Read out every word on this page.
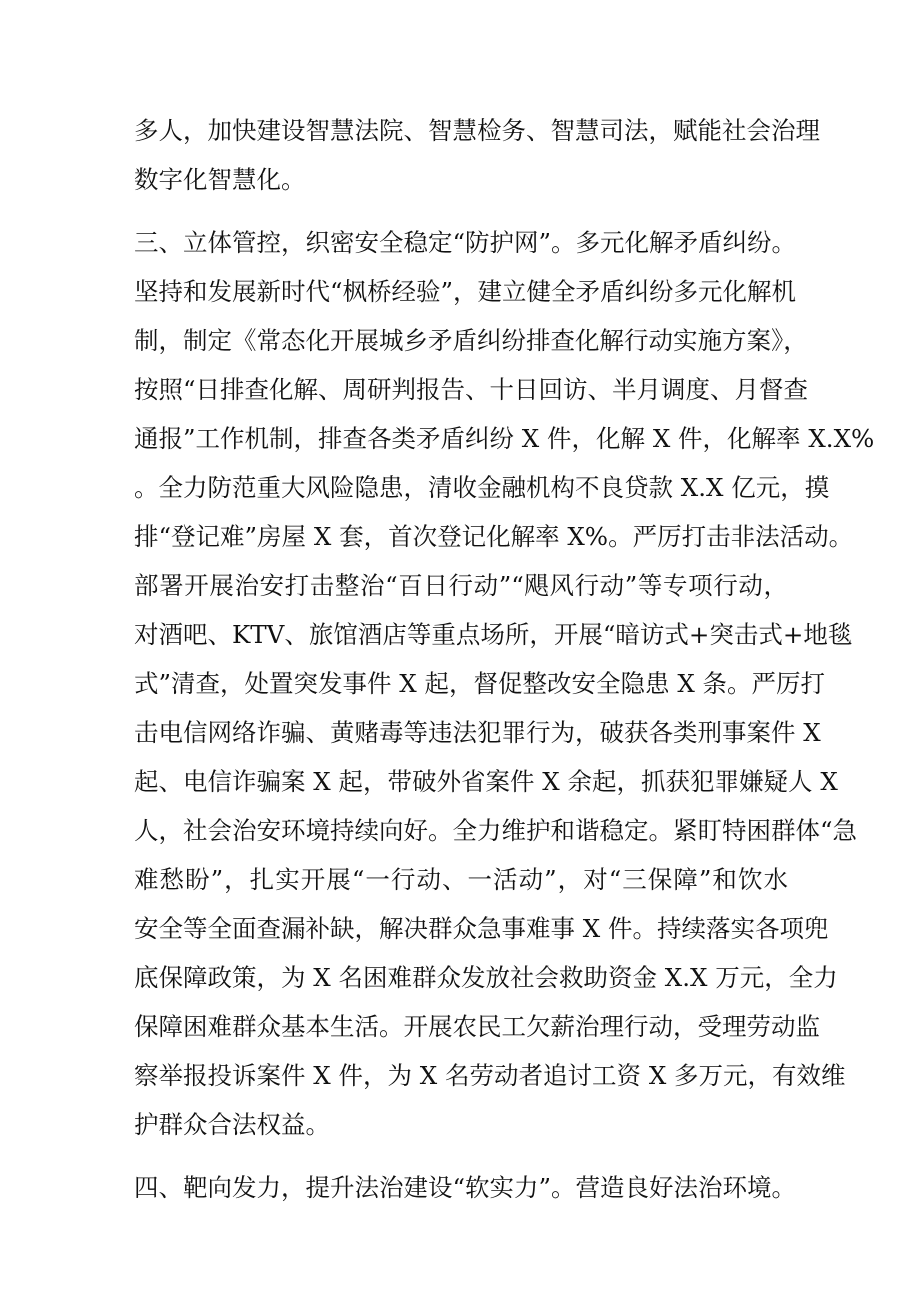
多人，加快建设智慧法院、智慧检务、智慧司法，赋能社会治理
数字化智慧化。
三、立体管控，织密安全稳定“防护网”。多元化解矛盾纠纷。
坚持和发展新时代“枫桥经验”，建立健全矛盾纠纷多元化解机
制，制定《常态化开展城乡矛盾纠纷排查化解行动实施方案》，
按照“日排查化解、周研判报告、十日回访、半月调度、月督查
通报”工作机制，排查各类矛盾纠纷 X 件，化解 X 件，化解率 X.X%
。全力防范重大风险隐患，清收金融机构不良贷款 X.X 亿元，摸
排“登记难”房屋 X 套，首次登记化解率 X%。严厉打击非法活动。
部署开展治安打击整治“百日行动”“飓风行动”等专项行动，
对酒吧、KTV、旅馆酒店等重点场所，开展“暗访式+突击式+地毯
式”清查，处置突发事件 X 起，督促整改安全隐患 X 条。严厉打
击电信网络诈骗、黄赌毒等违法犯罪行为，破获各类刑事案件 X
起、电信诈骗案 X 起，带破外省案件 X 余起，抓获犯罪嫌疑人 X
人，社会治安环境持续向好。全力维护和谐稳定。紧盯特困群体“急
难愁盼”，扎实开展“一行动、一活动”，对“三保障”和饮水
安全等全面查漏补缺，解决群众急事难事 X 件。持续落实各项兜
底保障政策，为 X 名困难群众发放社会救助资金 X.X 万元，全力
保障困难群众基本生活。开展农民工欠薪治理行动，受理劳动监
察举报投诉案件 X 件，为 X 名劳动者追讨工资 X 多万元，有效维
护群众合法权益。
四、靶向发力，提升法治建设“软实力”。营造良好法治环境。
